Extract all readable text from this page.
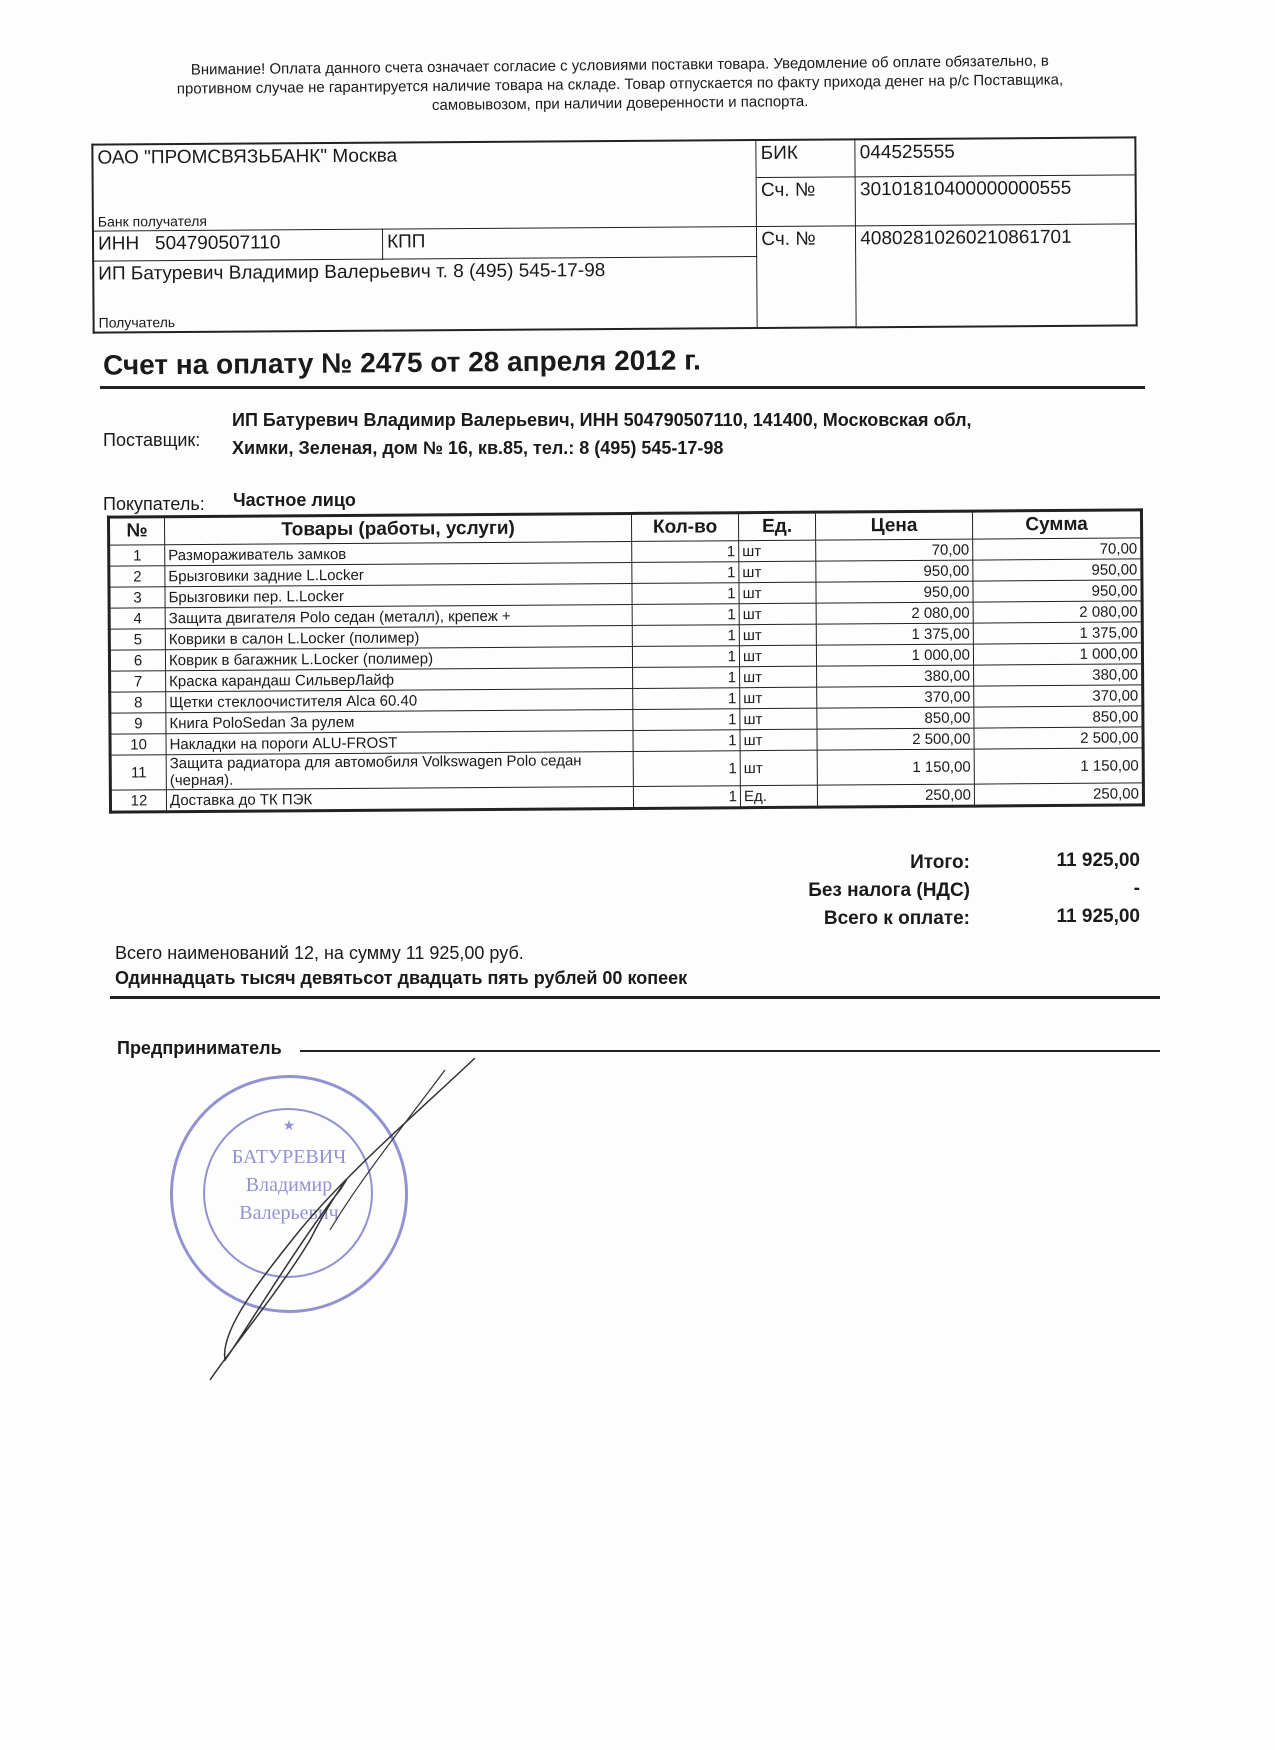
Внимание! Оплата данного счета означает согласие с условиями поставки товара. Уведомление об оплате обязательно, в противном случае не гарантируется наличие товара на складе. Товар отпускается по факту прихода денег на р/с Поставщика, самовывозом, при наличии доверенности и паспорта.
ОАО "ПРОМСВЯЗЬБАНК" Москва
Банк получателя		БИК	044525555
		Сч. №	30101810400000000555
ИНН 504790507110	КПП	Сч. №	40802810260210861701

ИП Батуревич Владимир Валерьевич т. 8 (495) 545-17-98
Получатель			
Счет на оплату № 2475 от 28 апреля 2012 г.
Поставщик:
ИП Батуревич Владимир Валерьевич, ИНН 504790507110, 141400, Московская обл,
Химки, Зеленая, дом № 16, кв.85, тел.: 8 (495) 545-17-98
Покупатель: Частное лицо
№	Товары (работы, услуги)	Кол-во	Ед.	Цена	Сумма
1	Размораживатель замков	1	шт	70,00	70,00
2	Брызговики задние L.Locker	1	шт	950,00	950,00
3	Брызговики пер. L.Locker	1	шт	950,00	950,00
4	Защита двигателя Polo седан (металл), крепеж +	1	шт	2 080,00	2 080,00
5	Коврики в салон L.Locker (полимер)	1	шт	1 375,00	1 375,00
6	Коврик в багажник L.Locker (полимер)	1	шт	1 000,00	1 000,00
7	Краска карандаш СильверЛайф	1	шт	380,00	380,00
8	Щетки стеклоочистителя Alca 60.40	1	шт	370,00	370,00
9	Книга PoloSedan За рулем	1	шт	850,00	850,00
10	Накладки на пороги ALU-FROST	1	шт	2 500,00	2 500,00
11	Защита радиатора для автомобиля Volkswagen Polo седан (черная).	1	шт	1 150,00	1 150,00
12	Доставка до ТК ПЭК	1	Ед.	250,00	250,00
Итого:	11 925,00
Без налога (НДС)	-
Всего к оплате:	11 925,00
Всего наименований 12, на сумму 11 925,00 руб.
Одиннадцать тысяч девятьсот двадцать пять рублей 00 копеек
Предприниматель
★
БАТУРЕВИЧ
Владимир
Валерьевич
